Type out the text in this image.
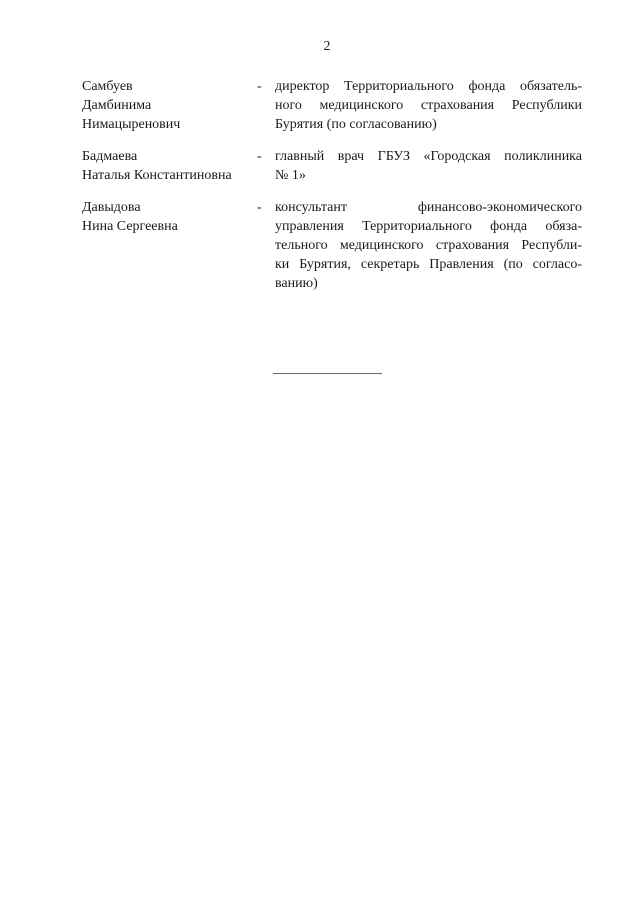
2
Самбуев
Дамбинима
Нимацыренович
- директор Территориального фонда обязатель-
ного медицинского страхования Республики
Бурятия (по согласованию)
Бадмаева
Наталья Константиновна
- главный врач ГБУЗ «Городская поликлиника
№ 1»
Давыдова
Нина Сергеевна
- консультант финансово-экономического
управления Территориального фонда обяза-
тельного медицинского страхования Республи-
ки Бурятия, секретарь Правления (по согласо-
ванию)
